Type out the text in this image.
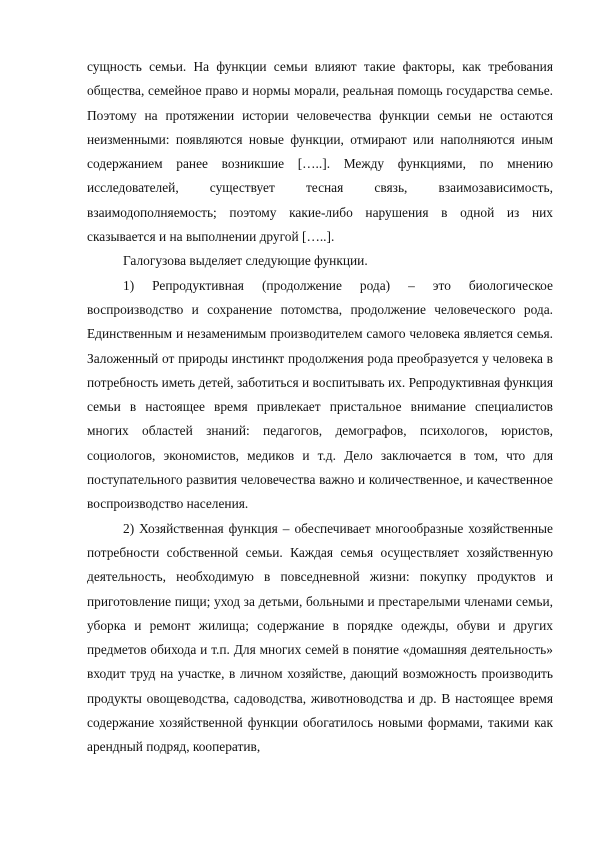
сущность семьи. На функции семьи влияют такие факторы, как требования общества, семейное право и нормы морали, реальная помощь государства семье. Поэтому на протяжении истории человечества функции семьи не остаются неизменными: появляются новые функции, отмирают или наполняются иным содержанием ранее возникшие […..]. Между функциями, по мнению исследователей, существует тесная связь, взаимозависимость, взаимодополняемость; поэтому какие-либо нарушения в одной из них сказывается и на выполнении другой […..].

Галогузова выделяет следующие функции.

1) Репродуктивная (продолжение рода) – это биологическое воспроизводство и сохранение потомства, продолжение человеческого рода. Единственным и незаменимым производителем самого человека является семья. Заложенный от природы инстинкт продолжения рода преобразуется у человека в потребность иметь детей, заботиться и воспитывать их. Репродуктивная функция семьи в настоящее время привлекает пристальное внимание специалистов многих областей знаний: педагогов, демографов, психологов, юристов, социологов, экономистов, медиков и т.д. Дело заключается в том, что для поступательного развития человечества важно и количественное, и качественное воспроизводство населения.

2) Хозяйственная функция – обеспечивает многообразные хозяйственные потребности собственной семьи. Каждая семья осуществляет хозяйственную деятельность, необходимую в повседневной жизни: покупку продуктов и приготовление пищи; уход за детьми, больными и престарелыми членами семьи, уборка и ремонт жилища; содержание в порядке одежды, обуви и других предметов обихода и т.п. Для многих семей в понятие «домашняя деятельность» входит труд на участке, в личном хозяйстве, дающий возможность производить продукты овощеводства, садоводства, животноводства и др. В настоящее время содержание хозяйственной функции обогатилось новыми формами, такими как арендный подряд, кооператив,
